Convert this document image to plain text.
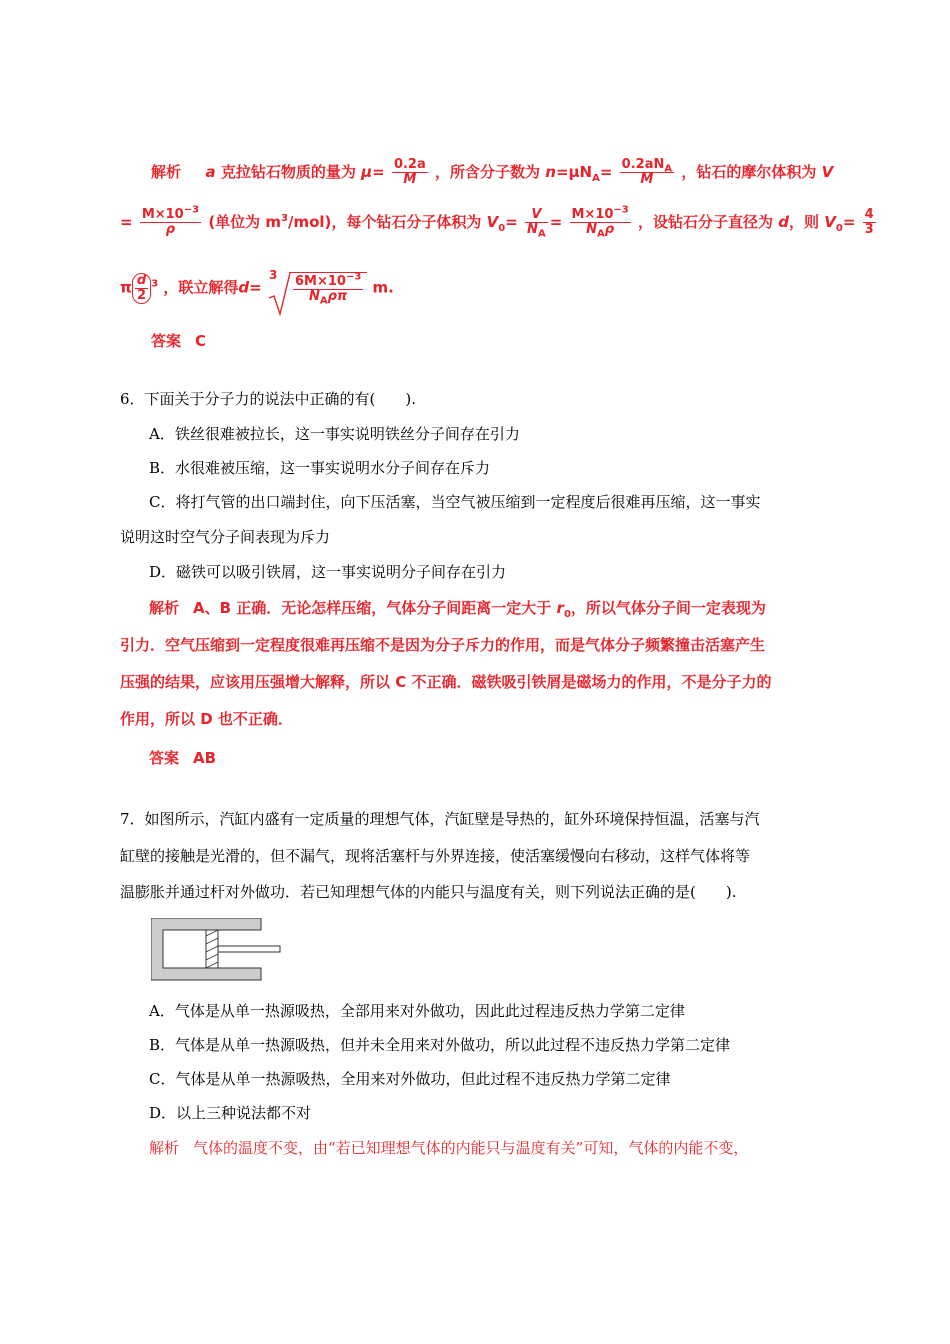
解析 a 克拉钻石物质的量为 $\mu= \frac{0.2a}{M}$ ，所含分子数为 $n=\mu N_A= \frac{0.2aN_A}{M}$ ，钻石的摩尔体积为 V
= $\frac{M\times 10^{-3}}{\rho}$ (单位为 $m^3/mol$)，每个钻石分子体积为 $V_0= \frac{V}{N_A} = \frac{M\times 10^{-3}}{N_A\rho}$ ，设钻石分子直径为 d，则 $V_0= \frac{4}{3}$
π $\frac{d}{2} ^3$ ，联立解得d=
$3 \frac{6M\times 10^{-3}}{N_A\rho\pi} m$.
答案 C
6．下面关于分子力的说法中正确的有(　　).
A．铁丝很难被拉长，这一事实说明铁丝分子间存在引力
B．水很难被压缩，这一事实说明水分子间存在斥力
C．将打气管的出口端封住，向下压活塞，当空气被压缩到一定程度后很难再压缩，这一事实
说明这时空气分子间表现为斥力
D．磁铁可以吸引铁屑，这一事实说明分子间存在引力
解析 A、B 正确．无论怎样压缩，气体分子间距离一定大于 $r_0$，所以气体分子间一定表现为
引力．空气压缩到一定程度很难再压缩不是因为分子斥力的作用，而是气体分子频繁撞击活塞产生
压强的结果，应该用压强增大解释，所以 C 不正确．磁铁吸引铁屑是磁场力的作用，不是分子力的
作用，所以 D 也不正确．
答案 AB
7．如图所示，汽缸内盛有一定质量的理想气体，汽缸壁是导热的，缸外环境保持恒温，活塞与汽
缸壁的接触是光滑的，但不漏气，现将活塞杆与外界连接，使活塞缓慢向右移动，这样气体将等
温膨胀并通过杆对外做功．若已知理想气体的内能只与温度有关，则下列说法正确的是(　　).
A．气体是从单一热源吸热，全部用来对外做功，因此此过程违反热力学第二定律
B．气体是从单一热源吸热，但并未全用来对外做功，所以此过程不违反热力学第二定律
C．气体是从单一热源吸热，全用来对外做功，但此过程不违反热力学第二定律
D．以上三种说法都不对
解析 气体的温度不变，由“若已知理想气体的内能只与温度有关”可知，气体的内能不变，
